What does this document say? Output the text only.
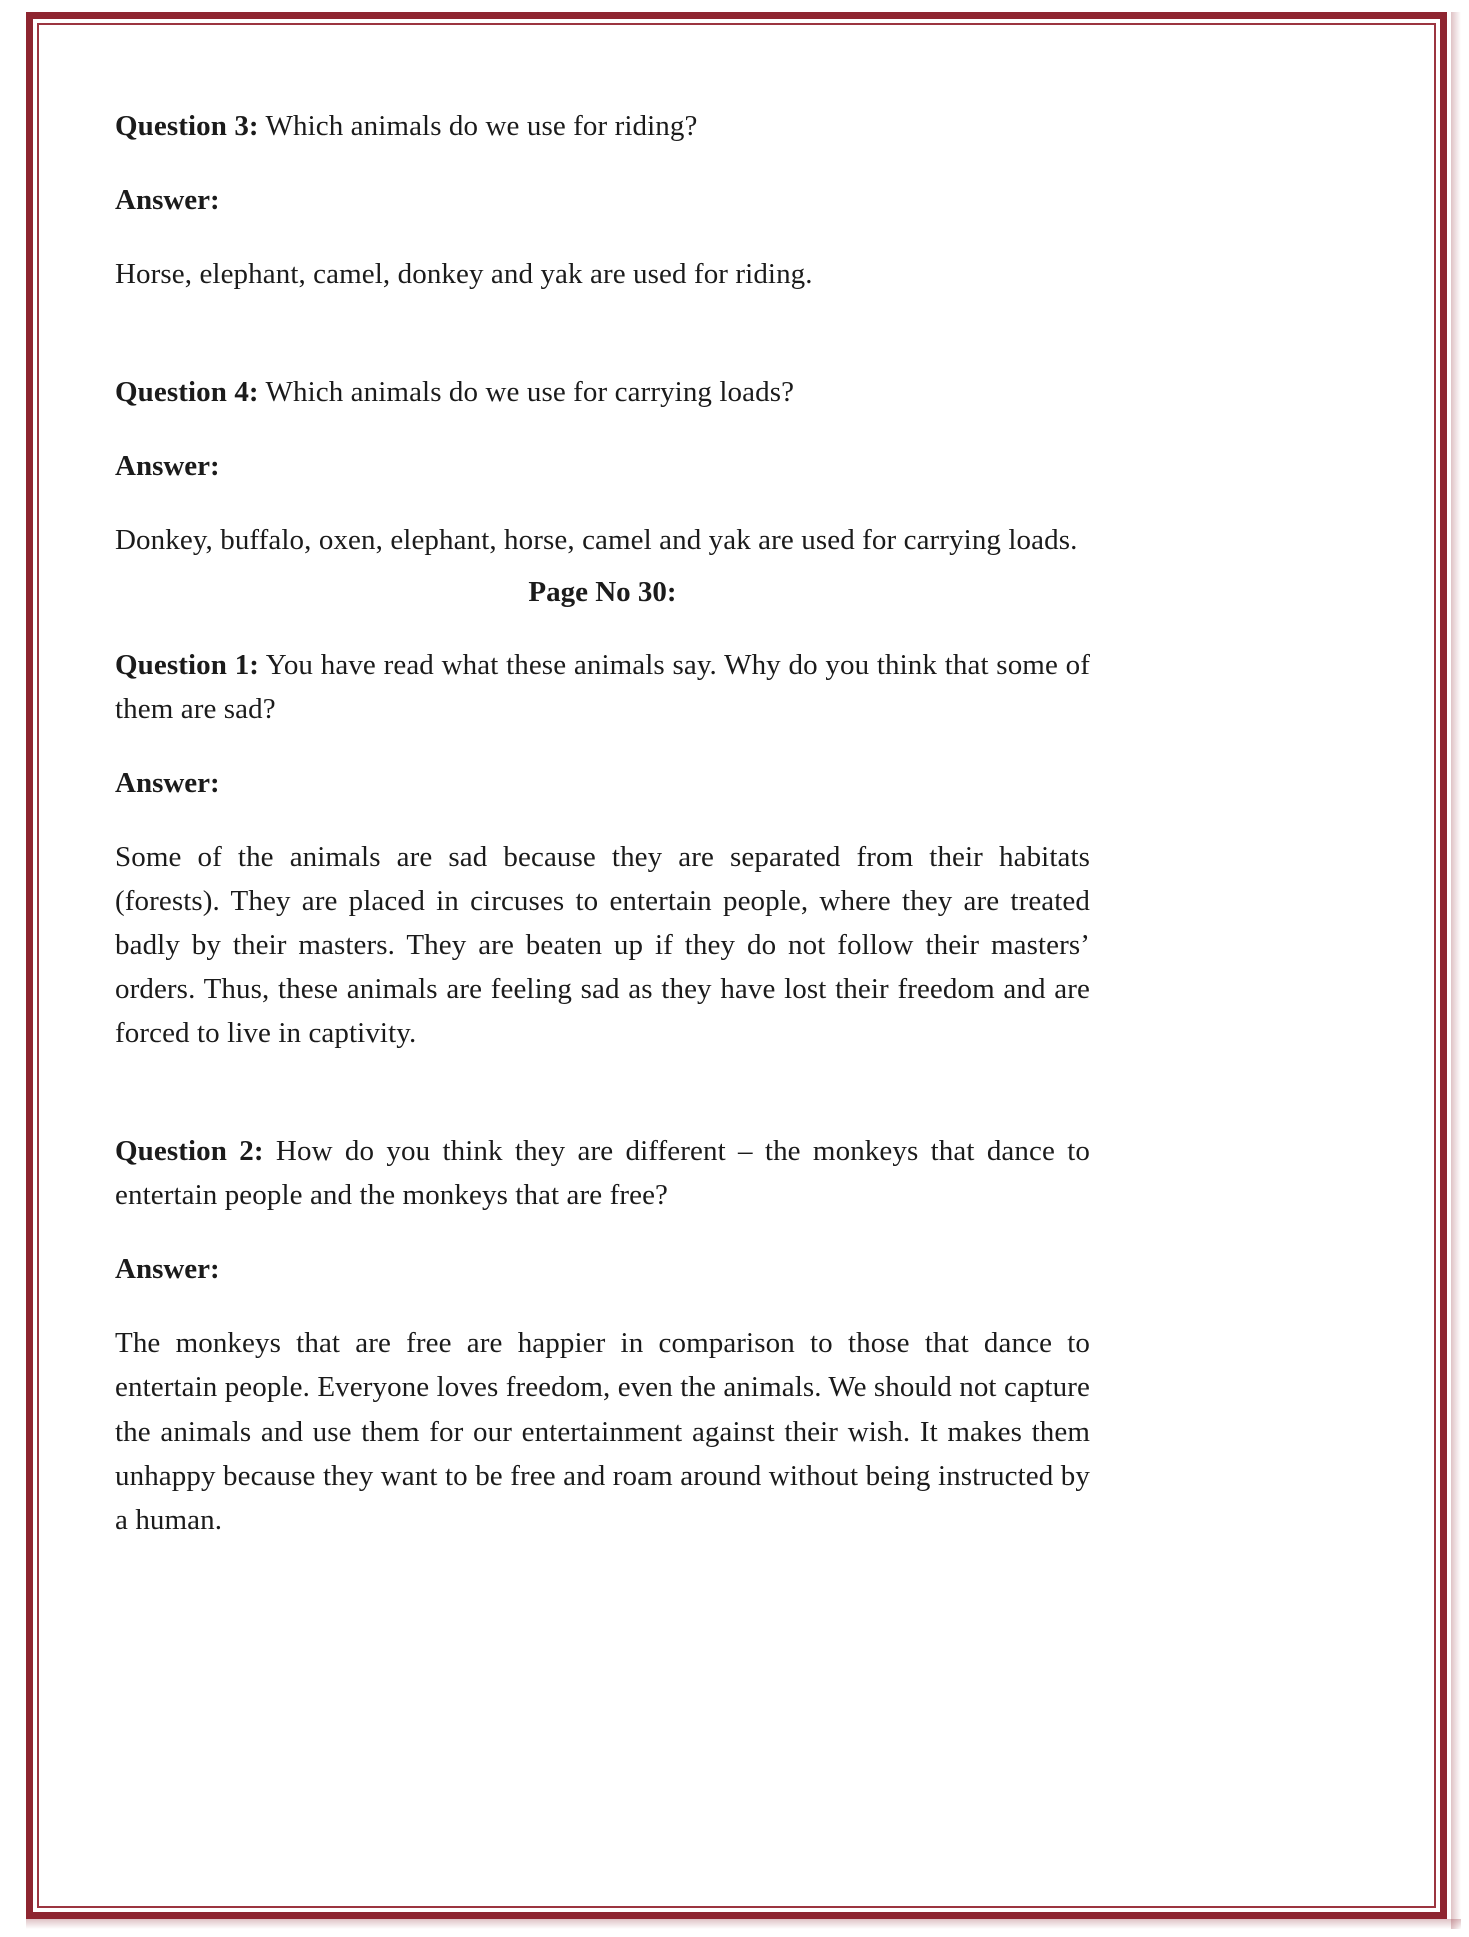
Question 3: Which animals do we use for riding?

Answer:

Horse, elephant, camel, donkey and yak are used for riding.

Question 4: Which animals do we use for carrying loads?

Answer:

Donkey, buffalo, oxen, elephant, horse, camel and yak are used for carrying loads.

Page No 30:

Question 1: You have read what these animals say. Why do you think that some of them are sad?

Answer:

Some of the animals are sad because they are separated from their habitats (forests). They are placed in circuses to entertain people, where they are treated badly by their masters. They are beaten up if they do not follow their masters’ orders. Thus, these animals are feeling sad as they have lost their freedom and are forced to live in captivity.

Question 2: How do you think they are different – the monkeys that dance to entertain people and the monkeys that are free?

Answer:

The monkeys that are free are happier in comparison to those that dance to entertain people. Everyone loves freedom, even the animals. We should not capture the animals and use them for our entertainment against their wish. It makes them unhappy because they want to be free and roam around without being instructed by a human.
